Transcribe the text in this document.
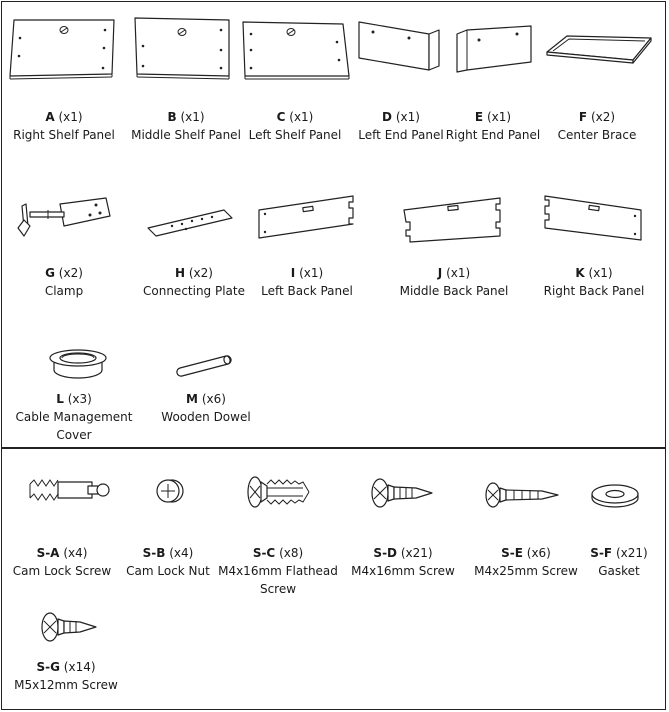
A (x1)
Right Shelf Panel
B (x1)
Middle Shelf Panel
C (x1)
Left Shelf Panel
D (x1)
Left End Panel
E (x1)
Right End Panel
F (x2)
Center Brace
G (x2)
Clamp
H (x2)
Connecting Plate
I (x1)
Left Back Panel
J (x1)
Middle Back Panel
K (x1)
Right Back Panel
L (x3)
Cable Management Cover
M (x6)
Wooden Dowel
S-A (x4)
Cam Lock Screw
S-B (x4)
Cam Lock Nut
S-C (x8)
M4x16mm Flathead Screw
S-D (x21)
M4x16mm Screw
S-E (x6)
M4x25mm Screw
S-F (x21)
Gasket
S-G (x14)
M5x12mm Screw
